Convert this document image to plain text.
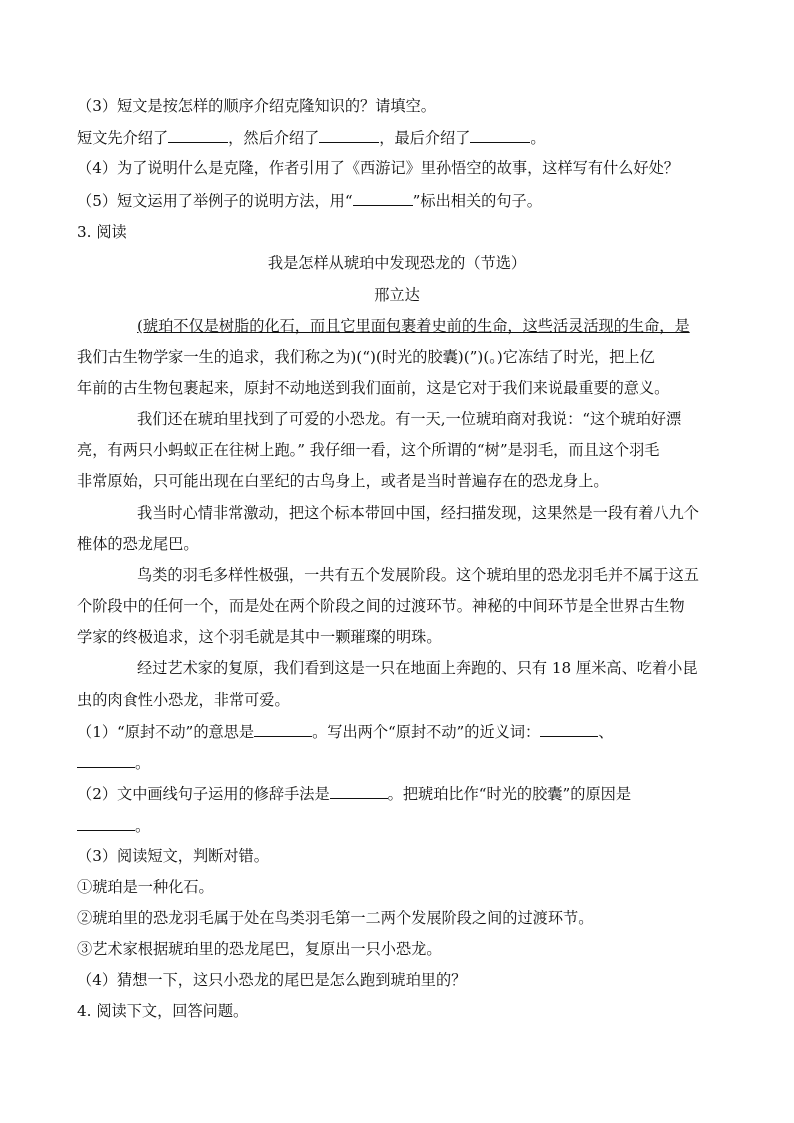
（3）短文是按怎样的顺序介绍克隆知识的？请填空。
短文先介绍了	，然后介绍了	，最后介绍了	。
（4）为了说明什么是克隆，作者引用了《西游记》里孙悟空的故事，这样写有什么好处？
（5）短文运用了举例子的说明方法，用“	”标出相关的句子。
3. 阅读
我是怎样从琥珀中发现恐龙的（节选）
邢立达
(琥珀不仅是树脂的化石，而且它里面包裹着史前的生命，这些活灵活现的生命，是
我们古生物学家一生的追求，我们称之为)(“)(时光的胶囊)(”)(。)它冻结了时光，把上亿
年前的古生物包裹起来，原封不动地送到我们面前，这是它对于我们来说最重要的意义。
我们还在琥珀里找到了可爱的小恐龙。有一天,一位琥珀商对我说：“这个琥珀好漂
亮，有两只小蚂蚁正在往树上跑。” 我仔细一看，这个所谓的“树”是羽毛，而且这个羽毛
非常原始，只可能出现在白垩纪的古鸟身上，或者是当时普遍存在的恐龙身上。
我当时心情非常激动，把这个标本带回中国，经扫描发现，这果然是一段有着八九个
椎体的恐龙尾巴。
鸟类的羽毛多样性极强，一共有五个发展阶段。这个琥珀里的恐龙羽毛并不属于这五
个阶段中的任何一个，而是处在两个阶段之间的过渡环节。神秘的中间环节是全世界古生物
学家的终极追求，这个羽毛就是其中一颗璀璨的明珠。
经过艺术家的复原，我们看到这是一只在地面上奔跑的、只有 18 厘米高、吃着小昆
虫的肉食性小恐龙，非常可爱。
（1）“原封不动”的意思是	。写出两个“原封不动”的近义词：	、
。
（2）文中画线句子运用的修辞手法是	。把琥珀比作“时光的胶囊”的原因是
。
（3）阅读短文，判断对错。
①琥珀是一种化石。
②琥珀里的恐龙羽毛属于处在鸟类羽毛第一二两个发展阶段之间的过渡环节。
③艺术家根据琥珀里的恐龙尾巴，复原出一只小恐龙。
（4）猜想一下，这只小恐龙的尾巴是怎么跑到琥珀里的？
4. 阅读下文，回答问题。
